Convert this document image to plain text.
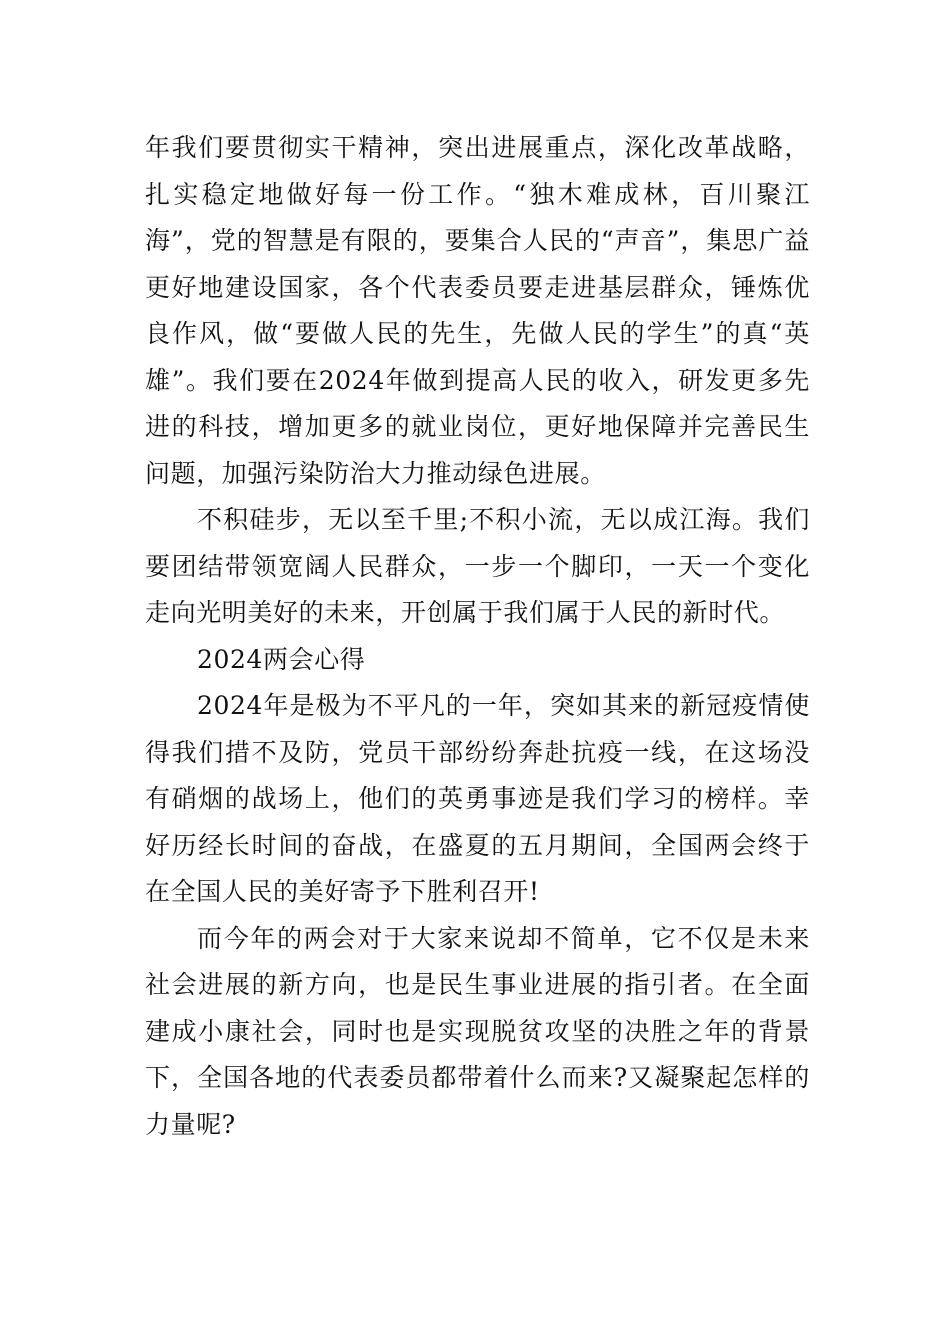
年我们要贯彻实干精神，突出进展重点，深化改革战略，扎实稳定地做好每一份工作。“独木难成林，百川聚江海”，党的智慧是有限的，要集合人民的“声音”，集思广益更好地建设国家，各个代表委员要走进基层群众，锤炼优良作风，做“要做人民的先生，先做人民的学生”的真“英雄”。我们要在2024年做到提高人民的收入，研发更多先进的科技，增加更多的就业岗位，更好地保障并完善民生问题，加强污染防治大力推动绿色进展。

不积硅步，无以至千里;不积小流，无以成江海。我们要团结带领宽阔人民群众，一步一个脚印，一天一个变化走向光明美好的未来，开创属于我们属于人民的新时代。

2024两会心得

2024年是极为不平凡的一年，突如其来的新冠疫情使得我们措不及防，党员干部纷纷奔赴抗疫一线，在这场没有硝烟的战场上，他们的英勇事迹是我们学习的榜样。幸好历经长时间的奋战，在盛夏的五月期间，全国两会终于在全国人民的美好寄予下胜利召开!

而今年的两会对于大家来说却不简单，它不仅是未来社会进展的新方向，也是民生事业进展的指引者。在全面建成小康社会，同时也是实现脱贫攻坚的决胜之年的背景下，全国各地的代表委员都带着什么而来?又凝聚起怎样的力量呢?
